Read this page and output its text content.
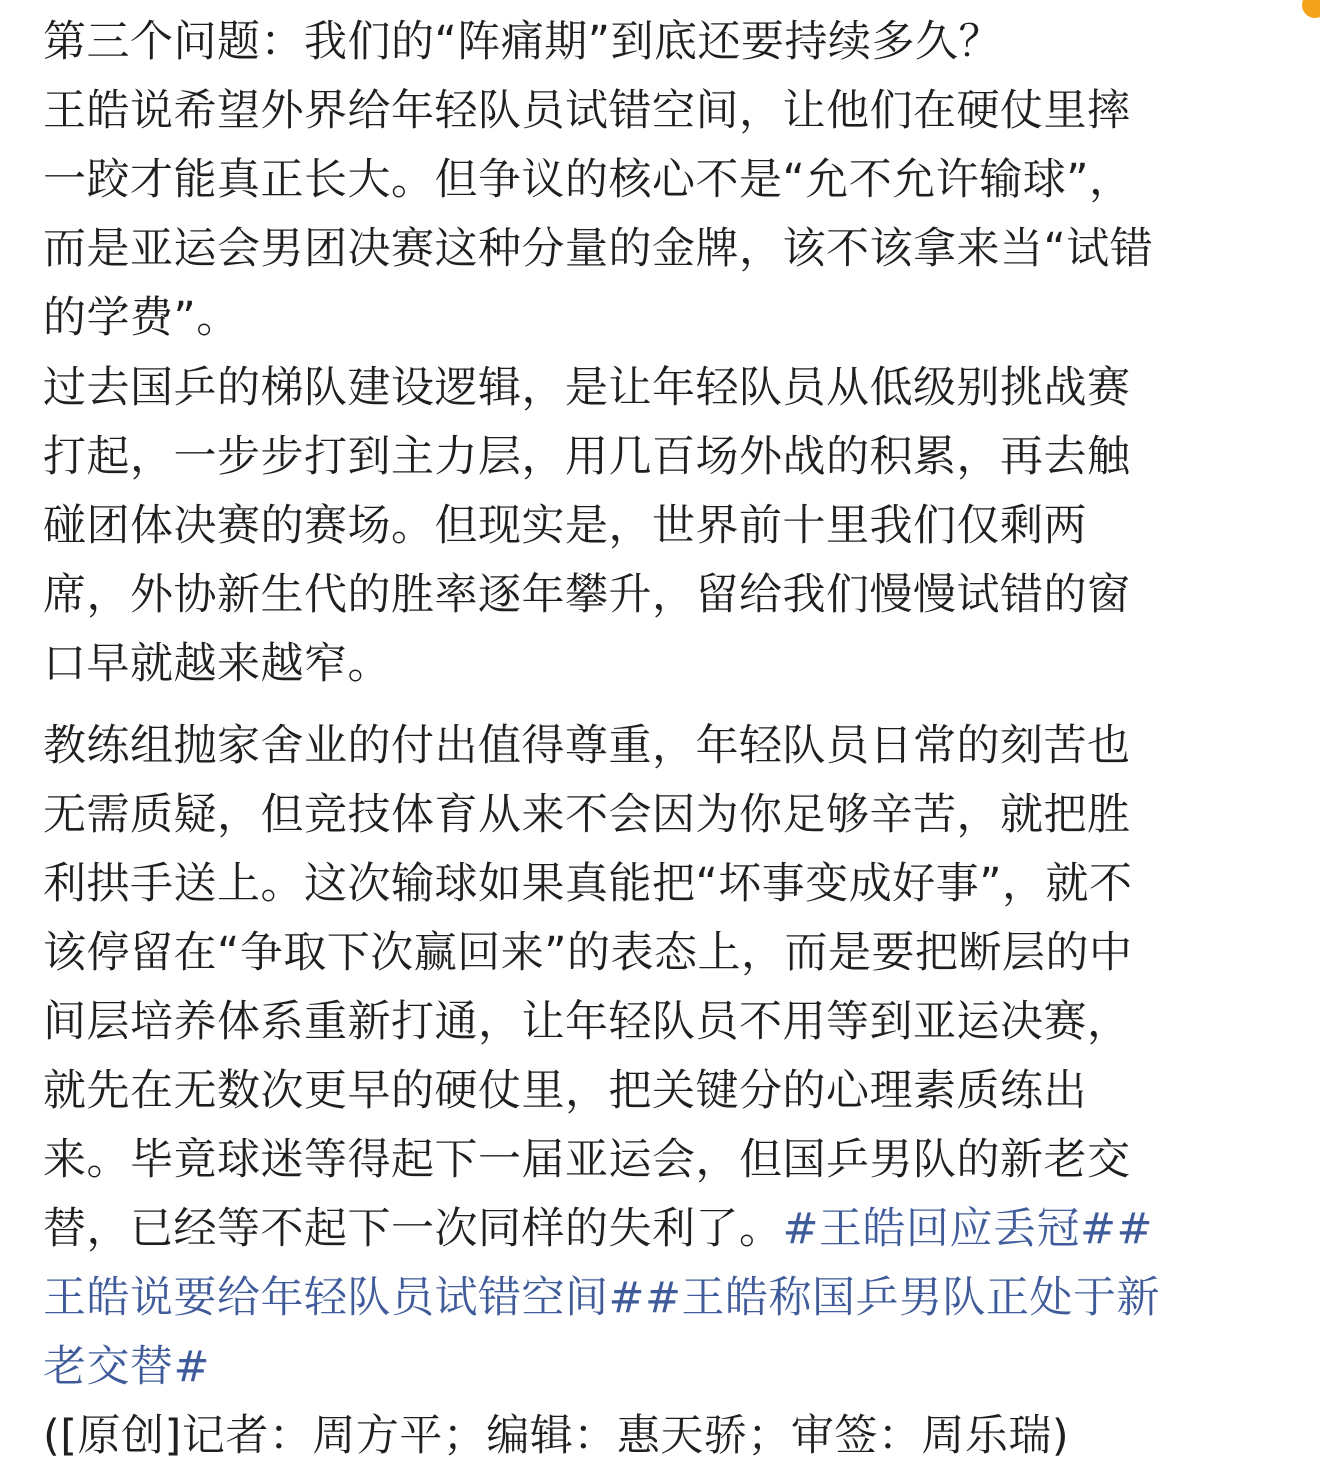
第三个问题：我们的“阵痛期”到底还要持续多久？
王皓说希望外界给年轻队员试错空间，让他们在硬仗里摔
一跤才能真正长大。但争议的核心不是“允不允许输球”，
而是亚运会男团决赛这种分量的金牌，该不该拿来当“试错
的学费”。
过去国乒的梯队建设逻辑，是让年轻队员从低级别挑战赛
打起，一步步打到主力层，用几百场外战的积累，再去触
碰团体决赛的赛场。但现实是，世界前十里我们仅剩两
席，外协新生代的胜率逐年攀升，留给我们慢慢试错的窗
口早就越来越窄。
教练组抛家舍业的付出值得尊重，年轻队员日常的刻苦也
无需质疑，但竞技体育从来不会因为你足够辛苦，就把胜
利拱手送上。这次输球如果真能把“坏事变成好事”，就不
该停留在“争取下次赢回来”的表态上，而是要把断层的中
间层培养体系重新打通，让年轻队员不用等到亚运决赛，
就先在无数次更早的硬仗里，把关键分的心理素质练出
来。毕竟球迷等得起下一届亚运会，但国乒男队的新老交
替，已经等不起下一次同样的失利了。#王皓回应丢冠##
王皓说要给年轻队员试错空间##王皓称国乒男队正处于新
老交替#
([原创]记者：周方平；编辑：惠天骄；审签：周乐瑞)
